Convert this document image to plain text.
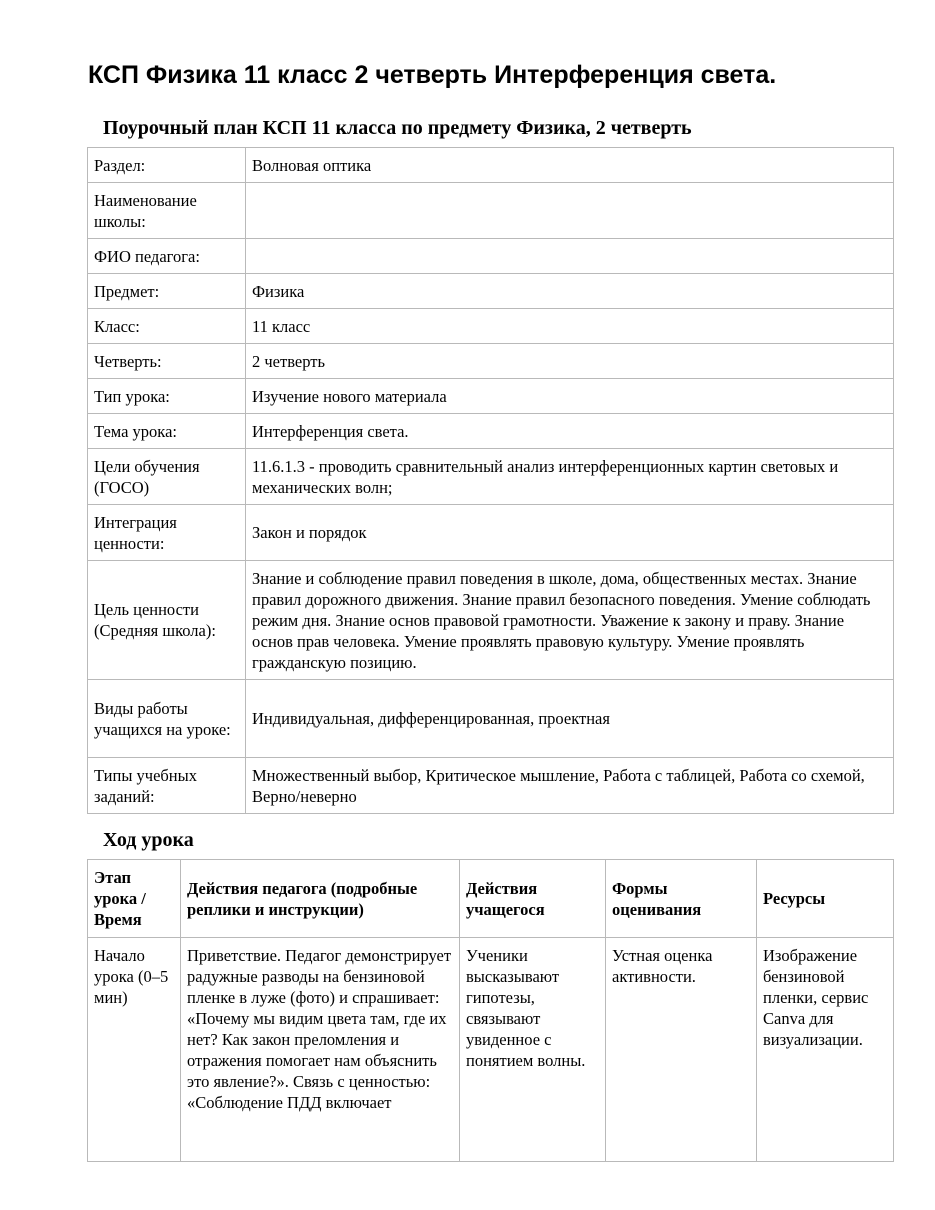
КСП Физика 11 класс 2 четверть Интерференция света.
Поурочный план КСП 11 класса по предмету Физика, 2 четверть
Раздел:	Волновая оптика
Наименование школы:	
ФИО педагога:	
Предмет:	Физика
Класс:	11 класс
Четверть:	2 четверть
Тип урока:	Изучение нового материала
Тема урока:	Интерференция света.
Цели обучения (ГОСО)	11.6.1.3 - проводить сравнительный анализ интерференционных картин световых и механических волн;
Интеграция ценности:	Закон и порядок
Цель ценности (Средняя школа):	Знание и соблюдение правил поведения в школе, дома, общественных местах. Знание правил дорожного движения. Знание правил безопасного поведения. Умение соблюдать режим дня. Знание основ правовой грамотности. Уважение к закону и праву. Знание основ прав человека. Умение проявлять правовую культуру. Умение проявлять гражданскую позицию.
Виды работы учащихся на уроке:	Индивидуальная, дифференцированная, проектная
Типы учебных заданий:	Множественный выбор, Критическое мышление, Работа с таблицей, Работа со схемой, Верно/неверно
Ход урока
Этап урока / Время	Действия педагога (подробные реплики и инструкции)	Действия учащегося	Формы оценивания	Ресурсы
Начало урока (0–5 мин)	Приветствие. Педагог демонстрирует радужные разводы на бензиновой пленке в луже (фото) и спрашивает: «Почему мы видим цвета там, где их нет? Как закон преломления и отражения помогает нам объяснить это явление?». Связь с ценностью: «Соблюдение ПДД включает	Ученики высказывают гипотезы, связывают увиденное с понятием волны.	Устная оценка активности.	Изображение бензиновой пленки, сервис Canva для визуализации.
